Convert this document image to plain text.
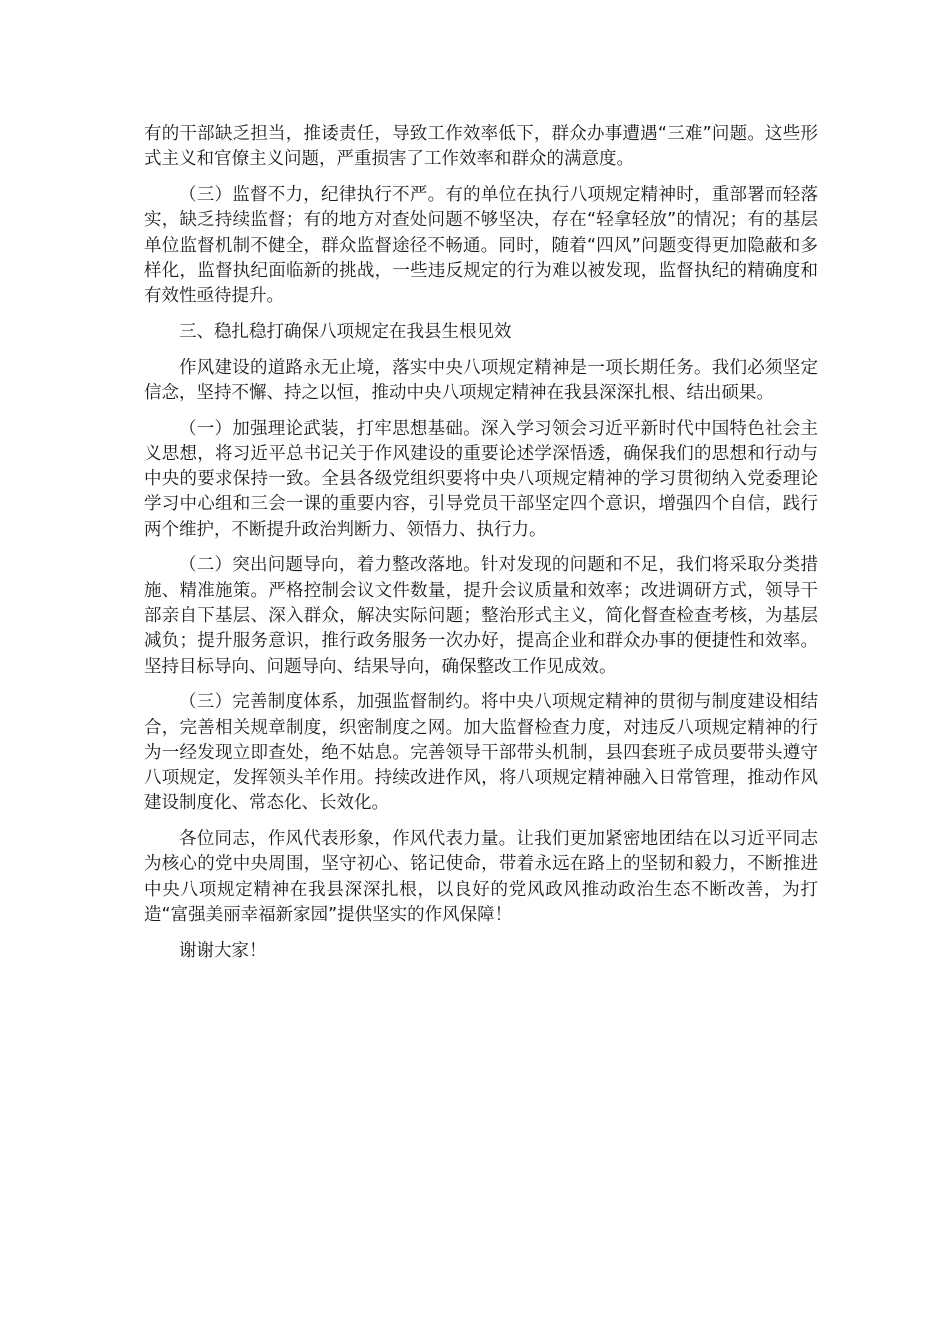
有的干部缺乏担当，推诿责任，导致工作效率低下，群众办事遭遇“三难”问题。这些形式主义和官僚主义问题，严重损害了工作效率和群众的满意度。

（三）监督不力，纪律执行不严。有的单位在执行八项规定精神时，重部署而轻落实，缺乏持续监督；有的地方对查处问题不够坚决，存在“轻拿轻放”的情况；有的基层单位监督机制不健全，群众监督途径不畅通。同时，随着“四风”问题变得更加隐蔽和多样化，监督执纪面临新的挑战，一些违反规定的行为难以被发现，监督执纪的精确度和有效性亟待提升。

三、稳扎稳打确保八项规定在我县生根见效

作风建设的道路永无止境，落实中央八项规定精神是一项长期任务。我们必须坚定信念，坚持不懈、持之以恒，推动中央八项规定精神在我县深深扎根、结出硕果。

（一）加强理论武装，打牢思想基础。深入学习领会习近平新时代中国特色社会主义思想，将习近平总书记关于作风建设的重要论述学深悟透，确保我们的思想和行动与中央的要求保持一致。全县各级党组织要将中央八项规定精神的学习贯彻纳入党委理论学习中心组和三会一课的重要内容，引导党员干部坚定四个意识，增强四个自信，践行两个维护，不断提升政治判断力、领悟力、执行力。

（二）突出问题导向，着力整改落地。针对发现的问题和不足，我们将采取分类措施、精准施策。严格控制会议文件数量，提升会议质量和效率；改进调研方式，领导干部亲自下基层、深入群众，解决实际问题；整治形式主义，简化督查检查考核，为基层减负；提升服务意识，推行政务服务一次办好，提高企业和群众办事的便捷性和效率。坚持目标导向、问题导向、结果导向，确保整改工作见成效。

（三）完善制度体系，加强监督制约。将中央八项规定精神的贯彻与制度建设相结合，完善相关规章制度，织密制度之网。加大监督检查力度，对违反八项规定精神的行为一经发现立即查处，绝不姑息。完善领导干部带头机制，县四套班子成员要带头遵守八项规定，发挥领头羊作用。持续改进作风，将八项规定精神融入日常管理，推动作风建设制度化、常态化、长效化。

各位同志，作风代表形象，作风代表力量。让我们更加紧密地团结在以习近平同志为核心的党中央周围，坚守初心、铭记使命，带着永远在路上的坚韧和毅力，不断推进中央八项规定精神在我县深深扎根，以良好的党风政风推动政治生态不断改善，为打造“富强美丽幸福新家园”提供坚实的作风保障！

谢谢大家！
